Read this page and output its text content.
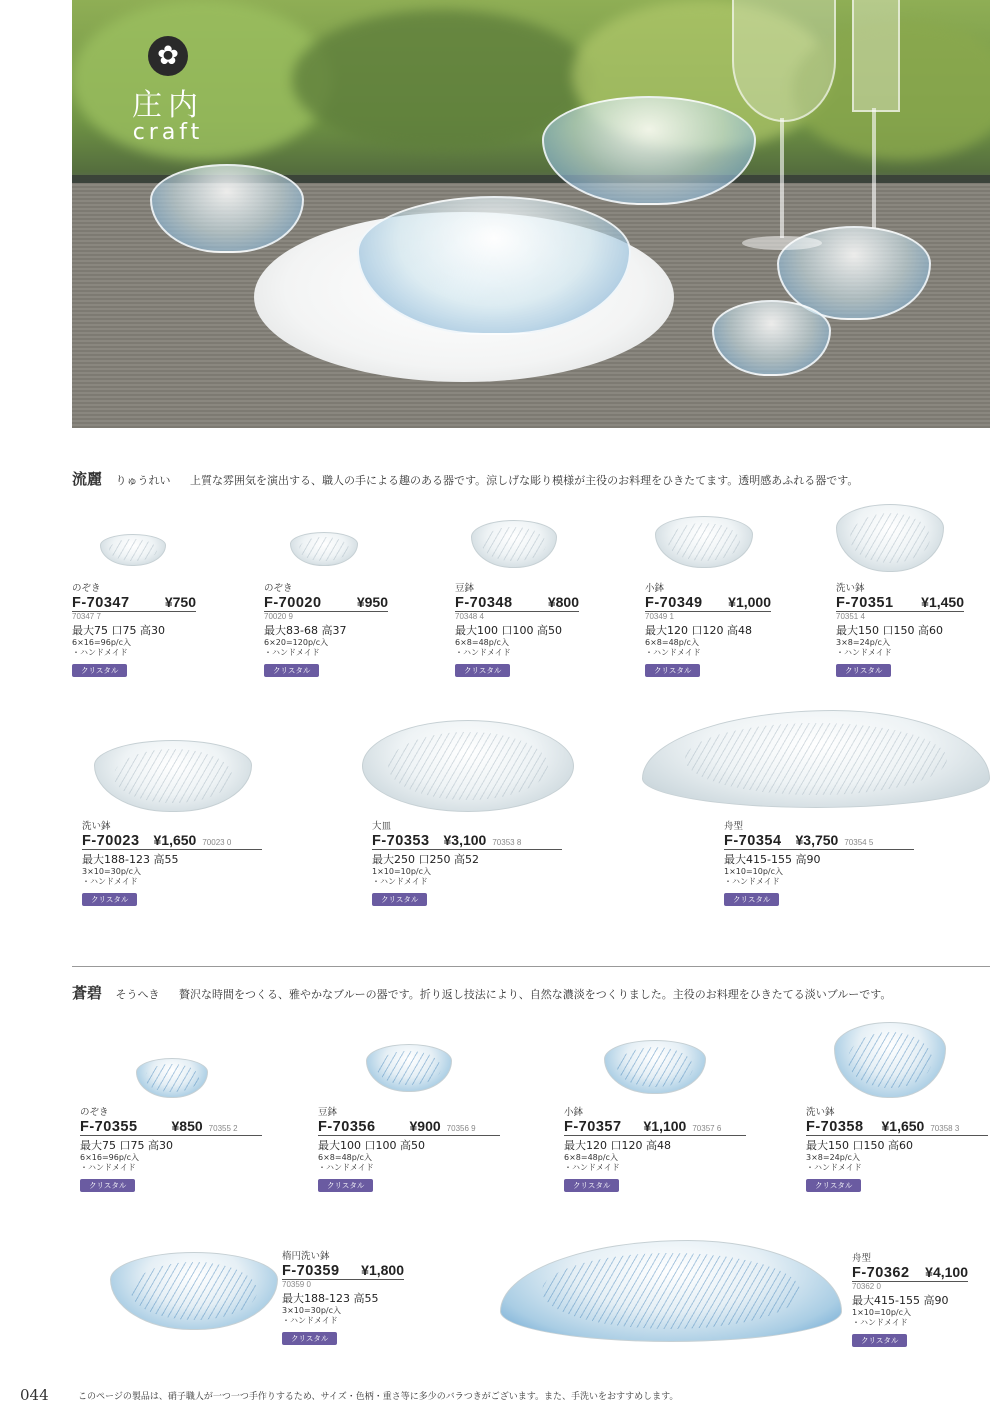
✿
庄内
craft
流麗 りゅうれい 上質な雰囲気を演出する、職人の手による趣のある器です。涼しげな彫り模様が主役のお料理をひきたてます。透明感あふれる器です。
のぞき
F-70347	¥750
70347 7
最大75 口75 高30
6×16=96p/c入
・ハンドメイド
クリスタル
のぞき
F-70020	¥950
70020 9
最大83-68 高37
6×20=120p/c入
・ハンドメイド
クリスタル
豆鉢
F-70348	¥800
70348 4
最大100 口100 高50
6×8=48p/c入
・ハンドメイド
クリスタル
小鉢
F-70349 ¥1,000
70349 1
最大120 口120 高48
6×8=48p/c入
・ハンドメイド
クリスタル
洗い鉢
F-70351 ¥1,450
70351 4
最大150 口150 高60
3×8=24p/c入
・ハンドメイド
クリスタル
洗い鉢
F-70023 ¥1,650 70023 0
最大188-123 高55
3×10=30p/c入
・ハンドメイド
クリスタル
大皿
F-70353 ¥3,100 70353 8
最大250 口250 高52
1×10=10p/c入
・ハンドメイド
クリスタル
舟型
F-70354 ¥3,750 70354 5
最大415-155 高90
1×10=10p/c入
・ハンドメイド
クリスタル
蒼碧 そうへき 贅沢な時間をつくる、雅やかなブルーの器です。折り返し技法により、自然な濃淡をつくりました。主役のお料理をひきたてる淡いブルーです。
のぞき
F-70355 ¥850 70355 2
最大75 口75 高30
6×16=96p/c入
・ハンドメイド
クリスタル
豆鉢
F-70356 ¥900 70356 9
最大100 口100 高50
6×8=48p/c入
・ハンドメイド
クリスタル
小鉢
F-70357 ¥1,100 70357 6
最大120 口120 高48
6×8=48p/c入
・ハンドメイド
クリスタル
洗い鉢
F-70358 ¥1,650 70358 3
最大150 口150 高60
3×8=24p/c入
・ハンドメイド
クリスタル
楕円洗い鉢
F-70359 ¥1,800
70359 0
最大188-123 高55
3×10=30p/c入
・ハンドメイド
クリスタル
舟型
F-70362 ¥4,100
70362 0
最大415-155 高90
1×10=10p/c入
・ハンドメイド
クリスタル
044	このページの製品は、硝子職人が一つ一つ手作りするため、サイズ・色柄・重さ等に多少のバラつきがございます。また、手洗いをおすすめします。
